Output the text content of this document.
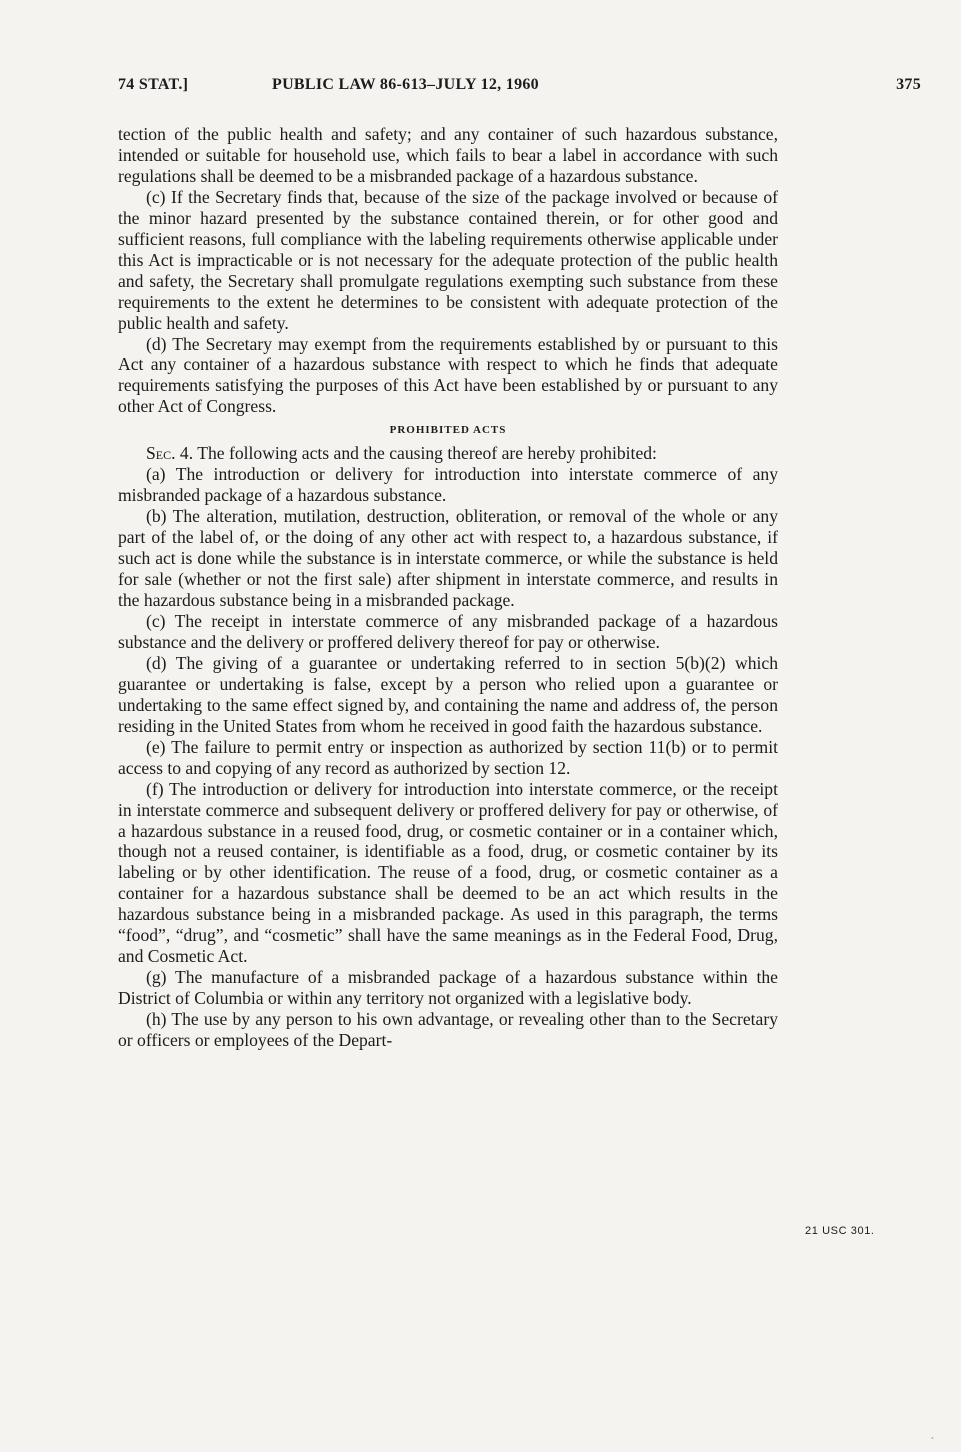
74 STAT.]	PUBLIC LAW 86-613–JULY 12, 1960	375

tection of the public health and safety; and any container of such hazardous substance, intended or suitable for household use, which fails to bear a label in accordance with such regulations shall be deemed to be a misbranded package of a hazardous substance.

(c) If the Secretary finds that, because of the size of the package involved or because of the minor hazard presented by the substance contained therein, or for other good and sufficient reasons, full compliance with the labeling requirements otherwise applicable under this Act is impracticable or is not necessary for the adequate protection of the public health and safety, the Secretary shall promulgate regulations exempting such substance from these requirements to the extent he determines to be consistent with adequate protection of the public health and safety.

(d) The Secretary may exempt from the requirements established by or pursuant to this Act any container of a hazardous substance with respect to which he finds that adequate requirements satisfying the purposes of this Act have been established by or pursuant to any other Act of Congress.

PROHIBITED ACTS

Sec. 4. The following acts and the causing thereof are hereby prohibited:

(a) The introduction or delivery for introduction into interstate commerce of any misbranded package of a hazardous substance.

(b) The alteration, mutilation, destruction, obliteration, or removal of the whole or any part of the label of, or the doing of any other act with respect to, a hazardous substance, if such act is done while the substance is in interstate commerce, or while the substance is held for sale (whether or not the first sale) after shipment in interstate commerce, and results in the hazardous substance being in a misbranded package.

(c) The receipt in interstate commerce of any misbranded package of a hazardous substance and the delivery or proffered delivery thereof for pay or otherwise.

(d) The giving of a guarantee or undertaking referred to in section 5(b)(2) which guarantee or undertaking is false, except by a person who relied upon a guarantee or undertaking to the same effect signed by, and containing the name and address of, the person residing in the United States from whom he received in good faith the hazardous substance.

(e) The failure to permit entry or inspection as authorized by section 11(b) or to permit access to and copying of any record as authorized by section 12.

(f) The introduction or delivery for introduction into interstate commerce, or the receipt in interstate commerce and subsequent delivery or proffered delivery for pay or otherwise, of a hazardous substance in a reused food, drug, or cosmetic container or in a container which, though not a reused container, is identifiable as a food, drug, or cosmetic container by its labeling or by other identification. The reuse of a food, drug, or cosmetic container as a container for a hazardous substance shall be deemed to be an act which results in the hazardous substance being in a misbranded package. As used in this paragraph, the terms “food”, “drug”, and “cosmetic” shall have the same meanings as in the Federal Food, Drug, and Cosmetic Act.

(g) The manufacture of a misbranded package of a hazardous substance within the District of Columbia or within any territory not organized with a legislative body.

(h) The use by any person to his own advantage, or revealing other than to the Secretary or officers or employees of the Depart-

21 USC 301.
•
